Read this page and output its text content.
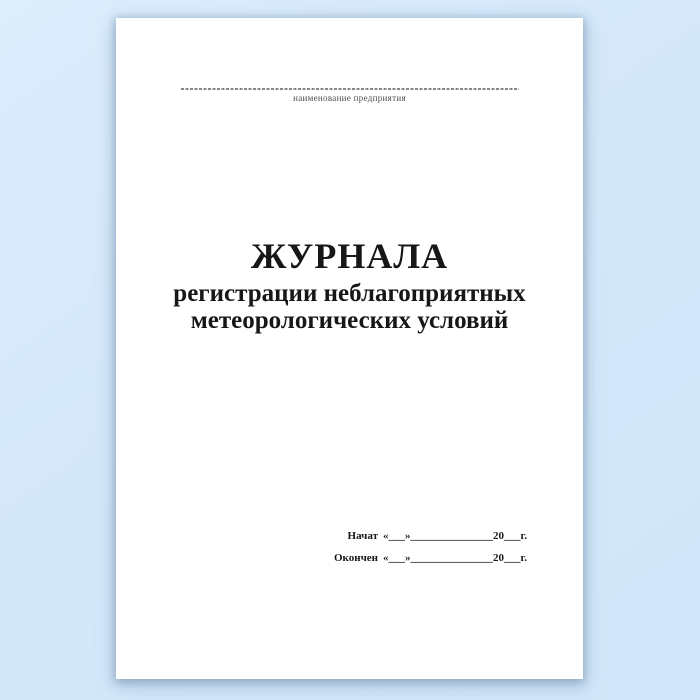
наименование предприятия
ЖУРНАЛА
регистрации неблагоприятных
метеорологических условий
Начат «___»_______________20___г.
Окончен «___»_______________20___г.
